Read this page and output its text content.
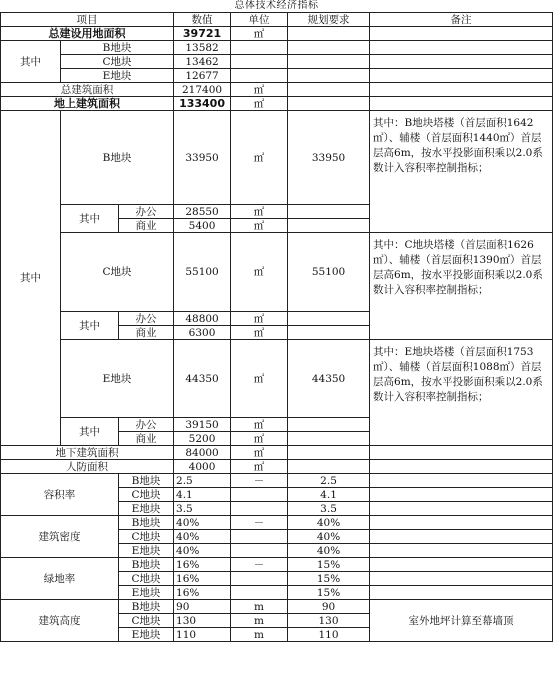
总体技术经济指标
项目			数值	单位	规划要求	备注
总建设用地面积			39721	㎡		
其中	B地块		13582			
	C地块		13462			
	E地块		12677			
总建筑面积			217400	㎡		
地上建筑面积			133400	㎡		
其中	B地块		33950	㎡	33950	其中：B地块塔楼（首层面积1642㎡）、辅楼（首层面积1440㎡）首层层高6m，按水平投影面积乘以2.0系数计入容积率控制指标；
	其中	办公	28550	㎡		
		商业	5400	㎡		
	C地块		55100	㎡	55100	其中：C地块塔楼（首层面积1626㎡）、辅楼（首层面积1390㎡）首层层高6m，按水平投影面积乘以2.0系数计入容积率控制指标；
	其中	办公	48800	㎡		
		商业	6300	㎡		
	E地块		44350	㎡	44350	其中：E地块塔楼（首层面积1753㎡）、辅楼（首层面积1088㎡）首层层高6m，按水平投影面积乘以2.0系数计入容积率控制指标；
	其中	办公	39150	㎡		
		商业	5200	㎡		
地下建筑面积			84000	㎡		
人防面积			4000	㎡		
容积率		B地块	2.5	－	2.5	
		C地块	4.1		4.1	
		E地块	3.5		3.5	
建筑密度		B地块	40%	－	40%	
		C地块	40%		40%	
		E地块	40%		40%	
绿地率		B地块	16%	－	15%	
		C地块	16%		15%	
		E地块	16%		15%	
建筑高度		B地块	90	m	90	室外地坪计算至幕墙顶
		C地块	130	m	130	
		E地块	110	m	110	
